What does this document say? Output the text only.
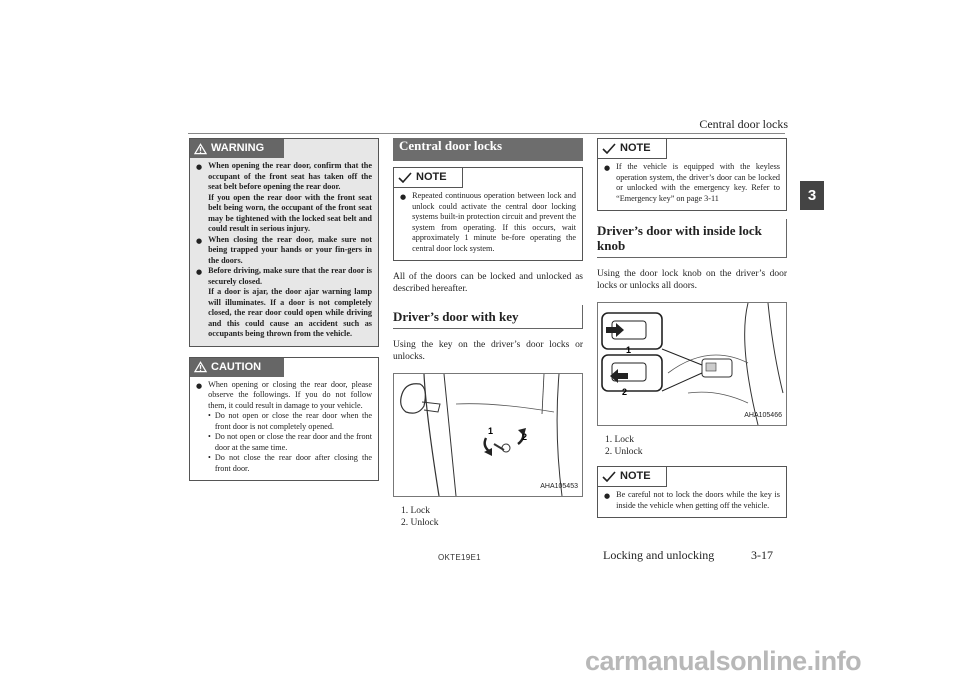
Central door locks
3
WARNING
● When opening the rear door, confirm that the occupant of the front seat has taken off the seat belt before opening the rear door.
If you open the rear door with the front seat belt being worn, the occupant of the front seat may be tightened with the locked seat belt and could result in serious injury.
● When closing the rear door, make sure not being trapped your hands or your fin-gers in the doors.
● Before driving, make sure that the rear door is securely closed.
If a door is ajar, the door ajar warning lamp will illuminates. If a door is not completely closed, the rear door could open while driving and this could cause an accident such as occupants being thrown from the vehicle.
CAUTION
● When opening or closing the rear door, please observe the followings. If you do not follow them, it could result in damage to your vehicle.
• Do not open or close the rear door when the front door is not completely opened.
• Do not open or close the rear door and the front door at the same time.
• Do not close the rear door after closing the front door.
Central door locks
NOTE
● Repeated continuous operation between lock and unlock could activate the central door locking systems built-in protection circuit and prevent the system from operating. If this occurs, wait approximately 1 minute be-fore operating the central door lock system.
All of the doors can be locked and unlocked as described hereafter.
Driver’s door with key
Using the key on the driver’s door locks or unlocks.
1
2
AHA105453
1. Lock
2. Unlock
NOTE
● If the vehicle is equipped with the keyless operation system, the driver’s door can be locked or unlocked with the emergency key. Refer to “Emergency key” on page 3-11
Driver’s door with inside lock knob
Using the door lock knob on the driver’s door locks or unlocks all doors.
1
2
AHA105466
1. Lock
2. Unlock
NOTE
● Be careful not to lock the doors while the key is inside the vehicle when getting off the vehicle.
OKTE19E1	Locking and unlocking	3-17
carmanualsonline.info
